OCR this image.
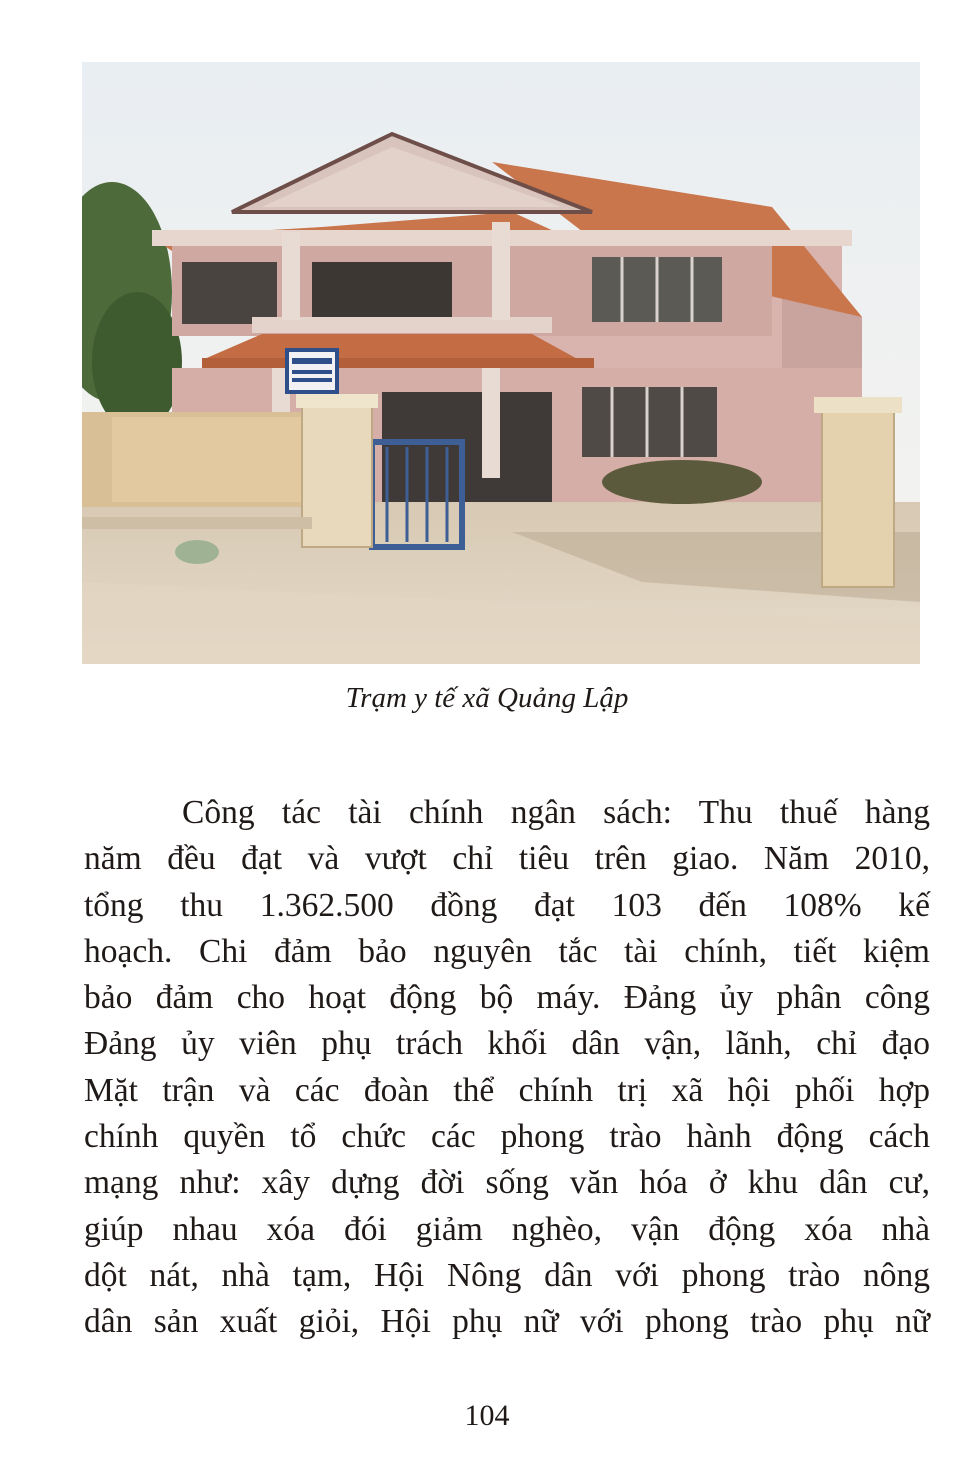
Trạm y tế xã Quảng Lập
Công tác tài chính ngân sách: Thu thuế hàng
năm đều đạt và vượt chỉ tiêu trên giao. Năm 2010,
tổng thu 1.362.500 đồng đạt 103 đến 108% kế
hoạch. Chi đảm bảo nguyên tắc tài chính, tiết kiệm
bảo đảm cho hoạt động bộ máy. Đảng ủy phân công
Đảng ủy viên phụ trách khối dân vận, lãnh, chỉ đạo
Mặt trận và các đoàn thể chính trị xã hội phối hợp
chính quyền tổ chức các phong trào hành động cách
mạng như: xây dựng đời sống văn hóa ở khu dân cư,
giúp nhau xóa đói giảm nghèo, vận động xóa nhà
dột nát, nhà tạm, Hội Nông dân với phong trào nông
dân sản xuất giỏi, Hội phụ nữ với phong trào phụ nữ
104
